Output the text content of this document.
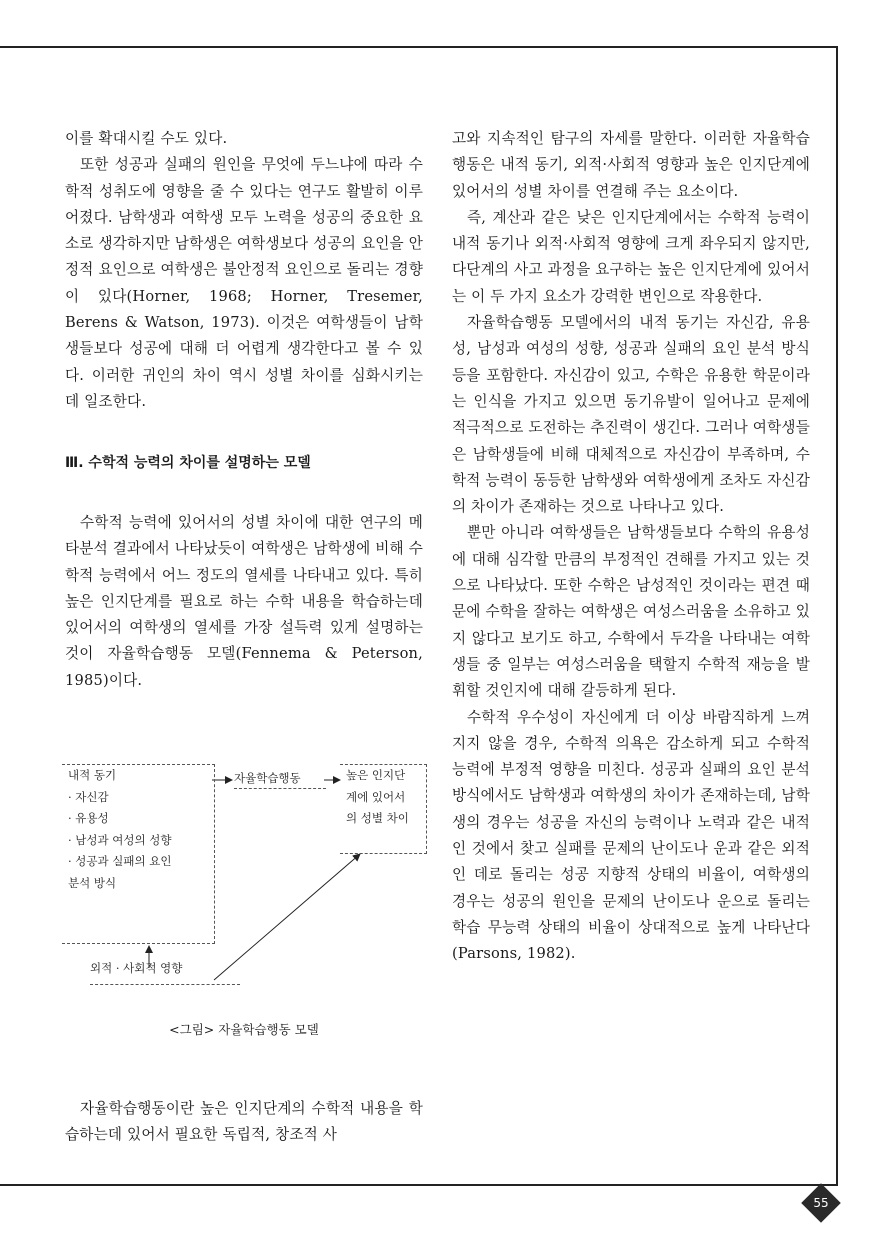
이를 확대시킬 수도 있다.

또한 성공과 실패의 원인을 무엇에 두느냐에 따라 수학적 성취도에 영향을 줄 수 있다는 연구도 활발히 이루어졌다. 남학생과 여학생 모두 노력을 성공의 중요한 요소로 생각하지만 남학생은 여학생보다 성공의 요인을 안정적 요인으로 여학생은 불안정적 요인으로 돌리는 경향이 있다(Horner, 1968; Horner, Tresemer, Berens & Watson, 1973). 이것은 여학생들이 남학생들보다 성공에 대해 더 어렵게 생각한다고 볼 수 있다. 이러한 귀인의 차이 역시 성별 차이를 심화시키는 데 일조한다.

Ⅲ. 수학적 능력의 차이를 설명하는 모델

수학적 능력에 있어서의 성별 차이에 대한 연구의 메타분석 결과에서 나타났듯이 여학생은 남학생에 비해 수학적 능력에서 어느 정도의 열세를 나타내고 있다. 특히 높은 인지단계를 필요로 하는 수학 내용을 학습하는데 있어서의 여학생의 열세를 가장 설득력 있게 설명하는 것이 자율학습행동 모델(Fennema & Peterson, 1985)이다.

내적 동기
· 자신감
· 유용성
· 남성과 여성의 성향
· 성공과 실패의 요인
분석 방식
자율학습행동	높은 인지단
계에 있어서
의 성별 차이
외적 · 사회적 영향
<그림> 자율학습행동 모델

자율학습행동이란 높은 인지단계의 수학적 내용을 학습하는데 있어서 필요한 독립적, 창조적 사

고와 지속적인 탐구의 자세를 말한다. 이러한 자율학습행동은 내적 동기, 외적·사회적 영향과 높은 인지단계에 있어서의 성별 차이를 연결해 주는 요소이다.

즉, 계산과 같은 낮은 인지단계에서는 수학적 능력이 내적 동기나 외적·사회적 영향에 크게 좌우되지 않지만, 다단계의 사고 과정을 요구하는 높은 인지단계에 있어서는 이 두 가지 요소가 강력한 변인으로 작용한다.

자율학습행동 모델에서의 내적 동기는 자신감, 유용성, 남성과 여성의 성향, 성공과 실패의 요인 분석 방식 등을 포함한다. 자신감이 있고, 수학은 유용한 학문이라는 인식을 가지고 있으면 동기유발이 일어나고 문제에 적극적으로 도전하는 추진력이 생긴다. 그러나 여학생들은 남학생들에 비해 대체적으로 자신감이 부족하며, 수학적 능력이 동등한 남학생와 여학생에게 조차도 자신감의 차이가 존재하는 것으로 나타나고 있다.

뿐만 아니라 여학생들은 남학생들보다 수학의 유용성에 대해 심각할 만큼의 부정적인 견해를 가지고 있는 것으로 나타났다. 또한 수학은 남성적인 것이라는 편견 때문에 수학을 잘하는 여학생은 여성스러움을 소유하고 있지 않다고 보기도 하고, 수학에서 두각을 나타내는 여학생들 중 일부는 여성스러움을 택할지 수학적 재능을 발휘할 것인지에 대해 갈등하게 된다.

수학적 우수성이 자신에게 더 이상 바람직하게 느껴지지 않을 경우, 수학적 의욕은 감소하게 되고 수학적 능력에 부정적 영향을 미친다. 성공과 실패의 요인 분석 방식에서도 남학생과 여학생의 차이가 존재하는데, 남학생의 경우는 성공을 자신의 능력이나 노력과 같은 내적인 것에서 찾고 실패를 문제의 난이도나 운과 같은 외적인 데로 돌리는 성공 지향적 상태의 비율이, 여학생의 경우는 성공의 원인을 문제의 난이도나 운으로 돌리는 학습 무능력 상태의 비율이 상대적으로 높게 나타난다(Parsons, 1982).

55
